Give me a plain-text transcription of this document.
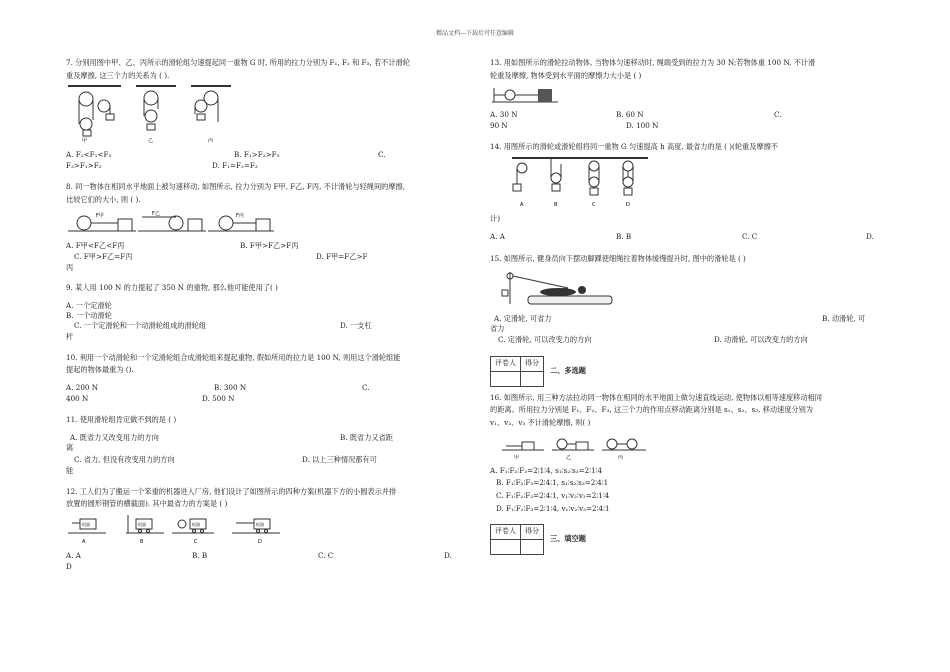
精品文档---下载后可任意编辑
7. 分别用图中甲、乙、丙所示的滑轮组匀速提起同一重物 G 时, 所用的拉力分别为 F₁, F₂ 和 F₃, 若不计滑轮
重及摩擦, 这三个力的关系为 ( ).
甲	乙	丙
A. F₂<F₁<F₃	B. F₁>F₂>F₃	C.
F₃>F₁>F₂	D. F₁=F₂=F₃
8. 同一物体在相同水平地面上被匀速移动, 如图所示, 拉力分别为 F甲, F乙, F丙, 不计滑轮与轻绳间的摩擦,
比较它们的大小, 则 ( ).
F甲	F乙	F丙
A. F甲<F乙<F丙	B. F甲>F乙>F丙
C. F甲>F乙=F丙	D. F甲=F乙>F
丙
9. 某人用 100 N 的力提起了 350 N 的重物, 那么他可能使用了( )
A. 一个定滑轮
B. 一个动滑轮
C. 一个定滑轮和一个动滑轮组成的滑轮组	D. 一支杠
杆
10. 利用一个动滑轮和一个定滑轮组合成滑轮组来提起重物, 假如所用的拉力是 100 N, 则用这个滑轮组能
提起的物体最重为 ().
A. 200 N	B. 300 N	C.
400 N	D. 500 N
11. 使用滑轮组肯定做不到的是 ( )
A. 既省力又改变用力的方向	B. 既省力又省距
离
C. 省力, 但没有改变用力的方向	D. 以上三种情况都有可
能
12. 工人们为了搬运一个笨重的机器进入厂房, 他们设计了如图所示的四种方案(机器下方的小圆表示并排
放置的圆形钢管的横截面). 其中最省力的方案是 ( )
A	B	C	D
机器	机器	机器	机器
A. A	B. B	C. C	D.
D
13. 用如图所示的滑轮拉动物体, 当物体匀速移动时, 绳端受到的拉力为 30 N;若物体重 100 N, 不计滑
轮重及摩擦, 物体受到水平面的摩擦力大小是 ( )
A. 30 N	B. 60 N	C.
90 N	D. 100 N
14. 用图所示的滑轮或滑轮组将同一重物 G 匀速提高 h 高度, 最省力的是 ( )(轮重及摩擦不
A	B	C	D
计)
A. A	B. B	C. C	D.
15. 如图所示, 健身员向下摆动脚踝使细绳拉着物体缓慢提升时, 图中的滑轮是 ( )
A. 定滑轮, 可省力	B. 动滑轮, 可
省力
C. 定滑轮, 可以改变力的方向	D. 动滑轮, 可以改变力的方向
评卷人	得分

二、多选题
16. 如图所示, 用三种方法拉动同一物体在相同的水平地面上做匀速直线运动, 使物体以相等速度移动相同
的距离。所用拉力分别是 F₁、F₂、F₃, 这三个力的作用点移动距离分别是 s₁、s₂、s₃, 移动速度分别为
v₁、v₂、v₃ 不计滑轮摩擦, 则( )
甲	乙	丙
A. F₁∶F₂∶F₃=2∶1∶4, s₁∶s₂∶s₃=2∶1∶4
B. F₁∶F₂∶F₃=2∶4∶1, s₁∶s₂∶s₃=2∶4∶1
C. F₁∶F₂∶F₃=2∶4∶1, v₁∶v₂∶v₃=2∶1∶4
D. F₁∶F₂∶F₃=2∶1∶4, v₁∶v₂∶v₃=2∶4∶1
评卷人	得分

三、填空题
